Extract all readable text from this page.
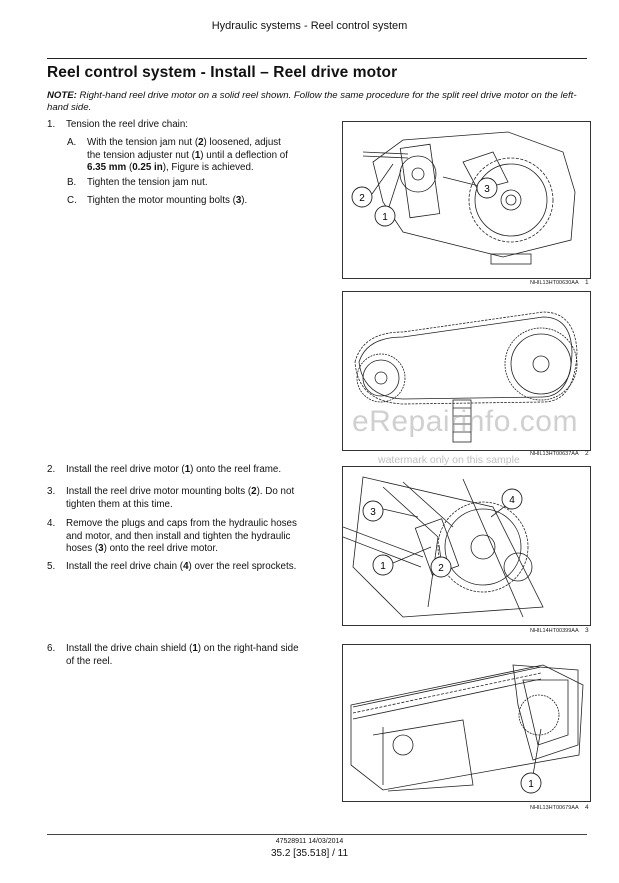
Hydraulic systems - Reel control system
Reel control system - Install – Reel drive motor
NOTE: Right-hand reel drive motor on a solid reel shown. Follow the same procedure for the split reel drive motor on the left-hand side.
1. Tension the reel drive chain:
A. With the tension jam nut (2) loosened, adjust
the tension adjuster nut (1) until a deflection of
6.35 mm (0.25 in), Figure is achieved.
B. Tighten the tension jam nut.
C. Tighten the motor mounting bolts (3).
2. Install the reel drive motor (1) onto the reel frame.
3. Install the reel drive motor mounting bolts (2). Do not
tighten them at this time.
4. Remove the plugs and caps from the hydraulic hoses
and motor, and then install and tighten the hydraulic
hoses (3) onto the reel drive motor.
5. Install the reel drive chain (4) over the reel sprockets.
6. Install the drive chain shield (1) on the right-hand side
of the reel.
2
1
3
NHIL13HT00630AA 1
NHIL13HT00637AA 2
3
1	2
4
NHIL14HT00399AA 3
1
NHIL13HT00679AA 4
eRepairinfo.com
watermark only on this sample
47528911 14/03/2014
35.2 [35.518] / 11
